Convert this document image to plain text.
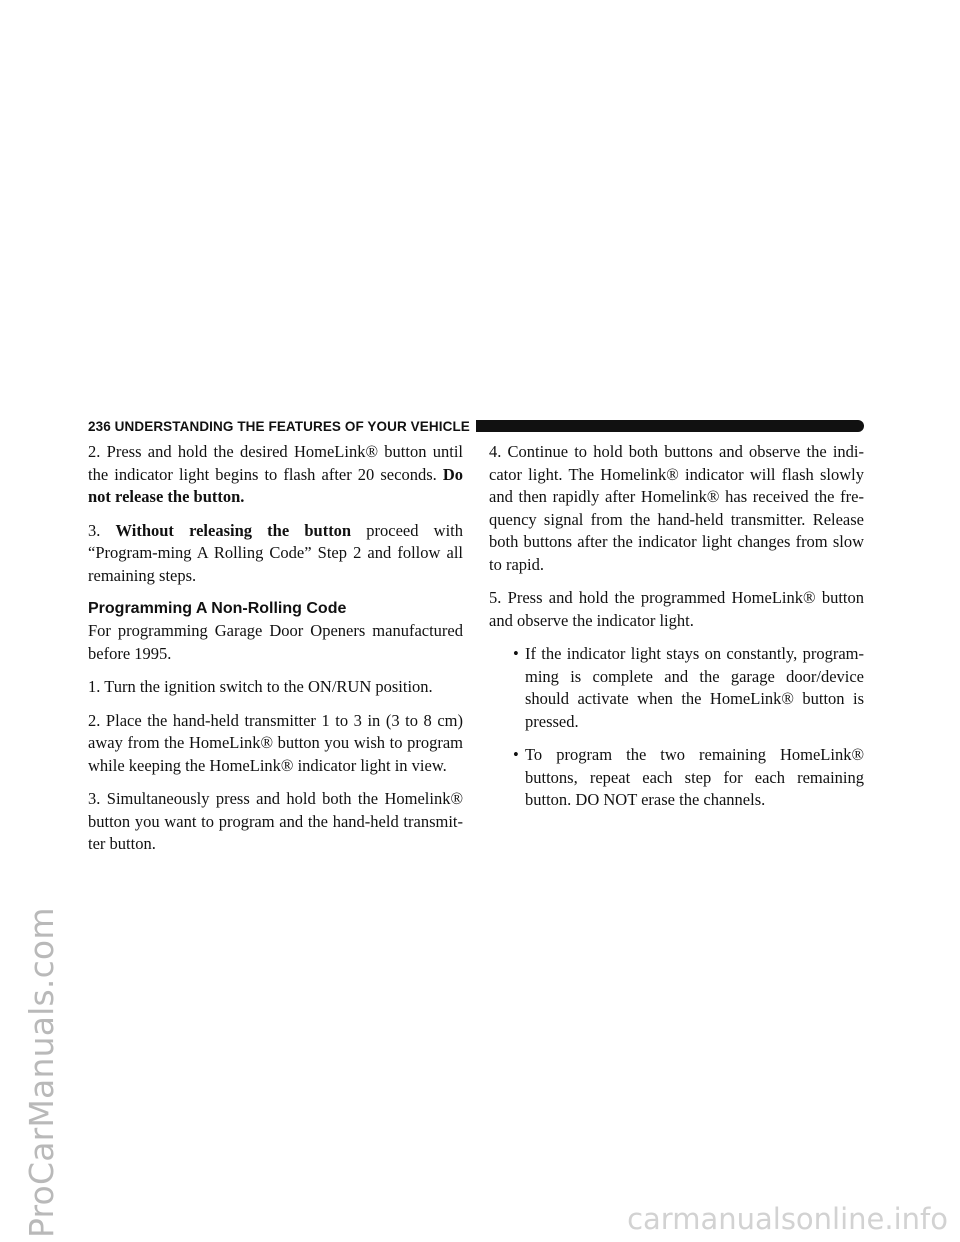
ProCarManuals.com	carmanualsonline.info
236 UNDERSTANDING THE FEATURES OF YOUR VEHICLE

2. Press and hold the desired HomeLink® button until the indicator light begins to flash after 20 seconds. Do not release the button.

3. Without releasing the button proceed with “Program-ming A Rolling Code” Step 2 and follow all remaining steps.

Programming A Non-Rolling Code

For programming Garage Door Openers manufactured before 1995.

1. Turn the ignition switch to the ON/RUN position.

2. Place the hand-held transmitter 1 to 3 in (3 to 8 cm) away from the HomeLink® button you wish to program while keeping the HomeLink® indicator light in view.

3. Simultaneously press and hold both the Homelink® button you want to program and the hand-held transmit-ter button.

4. Continue to hold both buttons and observe the indi-cator light. The Homelink® indicator will flash slowly and then rapidly after Homelink® has received the fre-quency signal from the hand-held transmitter. Release both buttons after the indicator light changes from slow to rapid.

5. Press and hold the programmed HomeLink® button and observe the indicator light.

• If the indicator light stays on constantly, program-ming is complete and the garage door/device should activate when the HomeLink® button is pressed.
• To program the two remaining HomeLink® buttons, repeat each step for each remaining button. DO NOT erase the channels.
